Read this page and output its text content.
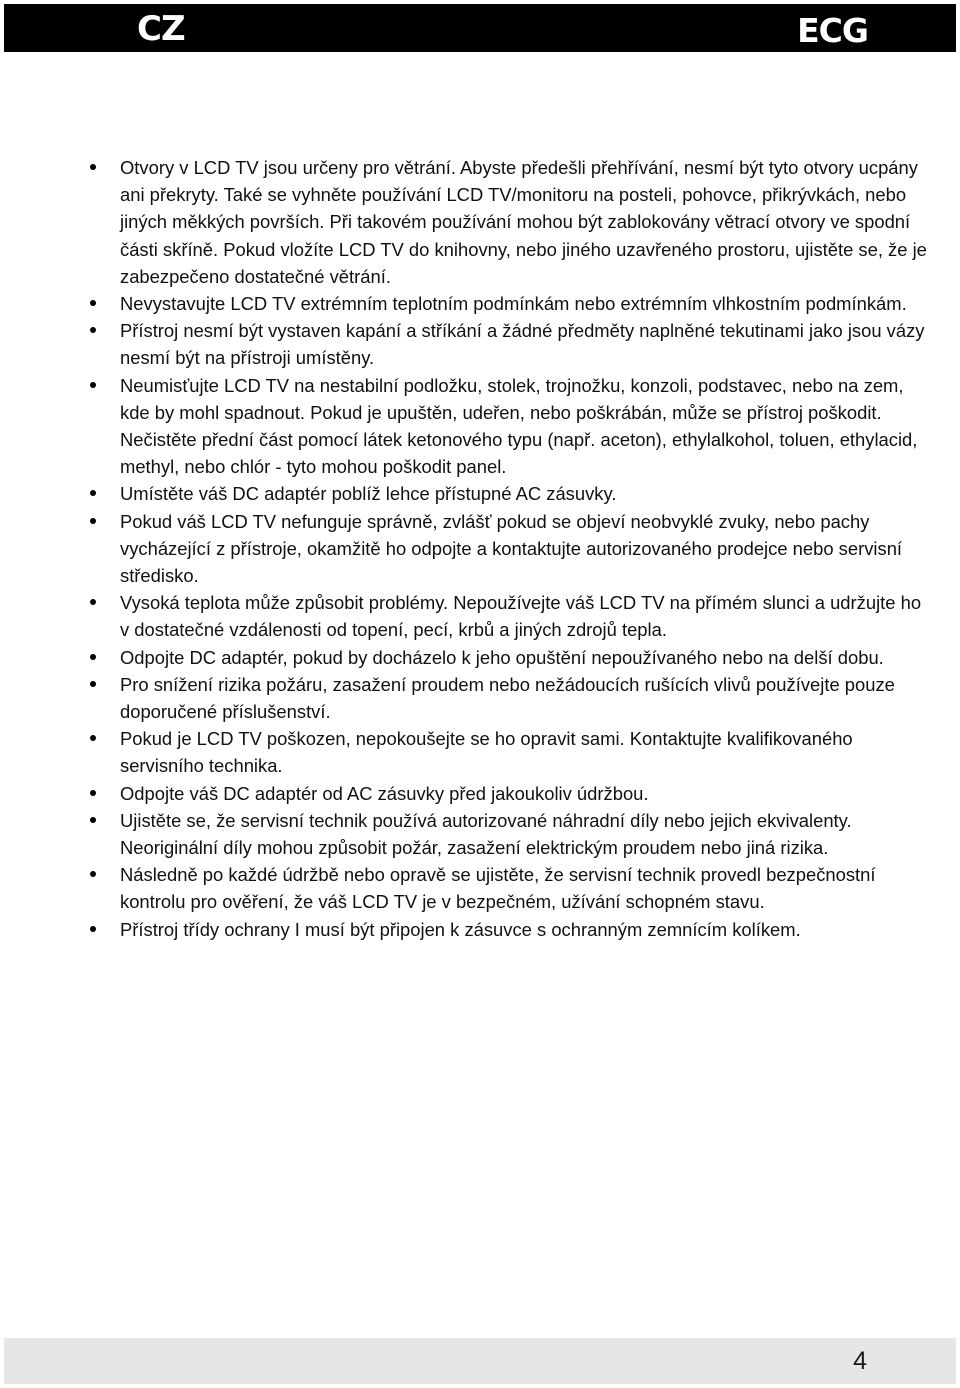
CZ	ECG
Otvory v LCD TV jsou určeny pro větrání. Abyste předešli přehřívání, nesmí být tyto otvory ucpány ani překryty. Také se vyhněte používání LCD TV/monitoru na posteli, pohovce, přikrývkách, nebo jiných měkkých površích. Při takovém používání mohou být zablokovány větrací otvory ve spodní části skříně. Pokud vložíte LCD TV do knihovny, nebo jiného uzavřeného prostoru, ujistěte se, že je zabezpečeno dostatečné větrání.
Nevystavujte LCD TV extrémním teplotním podmínkám nebo extrémním vlhkostním podmínkám.
Přístroj nesmí být vystaven kapání a stříkání a žádné předměty naplněné tekutinami jako jsou vázy nesmí být na přístroji umístěny.
Neumisťujte LCD TV na nestabilní podložku, stolek, trojnožku, konzoli, podstavec, nebo na zem, kde by mohl spadnout. Pokud je upuštěn, udeřen, nebo poškrábán, může se přístroj poškodit. Nečistěte přední část pomocí látek ketonového typu (např. aceton), ethylalkohol, toluen, ethylacid, methyl, nebo chlór - tyto mohou poškodit panel.
Umístěte váš DC adaptér poblíž lehce přístupné AC zásuvky.
Pokud váš LCD TV nefunguje správně, zvlášť pokud se objeví neobvyklé zvuky, nebo pachy vycházející z přístroje, okamžitě ho odpojte a kontaktujte autorizovaného prodejce nebo servisní středisko.
Vysoká teplota může způsobit problémy. Nepoužívejte váš LCD TV na přímém slunci a udržujte ho v dostatečné vzdálenosti od topení, pecí, krbů a jiných zdrojů tepla.
Odpojte DC adaptér, pokud by docházelo k jeho opuštění nepoužívaného nebo na delší dobu.
Pro snížení rizika požáru, zasažení proudem nebo nežádoucích rušících vlivů používejte pouze doporučené příslušenství.
Pokud je LCD TV poškozen, nepokoušejte se ho opravit sami. Kontaktujte kvalifikovaného servisního technika.
Odpojte váš DC adaptér od AC zásuvky před jakoukoliv údržbou.
Ujistěte se, že servisní technik používá autorizované náhradní díly nebo jejich ekvivalenty. Neoriginální díly mohou způsobit požár, zasažení elektrickým proudem nebo jiná rizika.
Následně po každé údržbě nebo opravě se ujistěte, že servisní technik provedl bezpečnostní kontrolu pro ověření, že váš LCD TV je v bezpečném, užívání schopném stavu.
Přístroj třídy ochrany I musí být připojen k zásuvce s ochranným zemnícím kolíkem.
4
